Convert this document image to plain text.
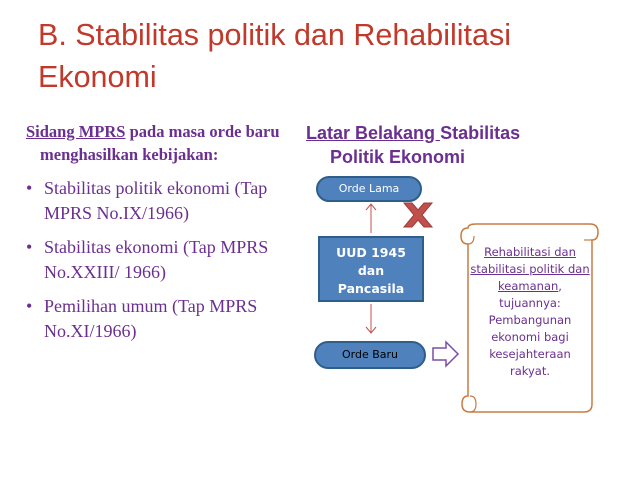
B. Stabilitas politik dan Rehabilitasi
Ekonomi

Sidang MPRS pada masa orde baru menghasilkan kebijakan:

• Stabilitas politik ekonomi (Tap MPRS No.IX/1966)
• Stabilitas ekonomi (Tap MPRS No.XXIII/ 1966)
• Pemilihan umum (Tap MPRS No.XI/1966)
Latar Belakang Stabilitas
Politik Ekonomi
Orde Lama
UUD 1945
dan
Pancasila
Orde Baru
Rehabilitasi dan stabilitasi politik dan keamanan, tujuannya: Pembangunan ekonomi bagi kesejahteraan rakyat.
